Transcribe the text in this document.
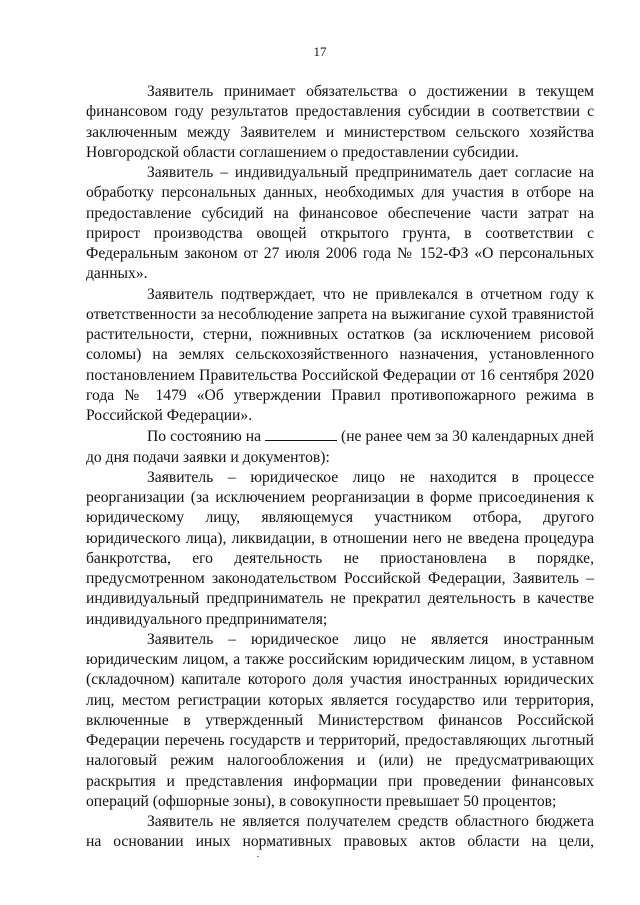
17

Заявитель принимает обязательства о достижении в текущем финансовом году результатов предоставления субсидии в соответствии с заключенным между Заявителем и министерством сельского хозяйства Новгородской области соглашением о предоставлении субсидии.

Заявитель – индивидуальный предприниматель дает согласие на обработку персональных данных, необходимых для участия в отборе на предоставление субсидий на финансовое обеспечение части затрат на прирост производства овощей открытого грунта, в соответствии с Федеральным законом от 27 июля 2006 года № 152-ФЗ «О персональных данных».

Заявитель подтверждает, что не привлекался в отчетном году к ответственности за несоблюдение запрета на выжигание сухой травянистой растительности, стерни, пожнивных остатков (за исключением рисовой соломы) на землях сельскохозяйственного назначения, установленного постановлением Правительства Российской Федерации от 16 сентября 2020 года № 1479 «Об утверждении Правил противопожарного режима в Российской Федерации».

По состоянию на	(не ранее чем за 30 календарных дней до дня подачи заявки и документов):

Заявитель – юридическое лицо не находится в процессе реорганизации (за исключением реорганизации в форме присоединения к юридическому лицу, являющемуся участником отбора, другого юридического лица), ликвидации, в отношении него не введена процедура банкротства, его деятельность не приостановлена в порядке, предусмотренном законодательством Российской Федерации, Заявитель – индивидуальный предприниматель не прекратил деятельность в качестве индивидуального предпринимателя;

Заявитель – юридическое лицо не является иностранным юридическим лицом, а также российским юридическим лицом, в уставном (складочном) капитале которого доля участия иностранных юридических лиц, местом регистрации которых является государство или территория, включенные в утвержденный Министерством финансов Российской Федерации перечень государств и территорий, предоставляющих льготный налоговый режим налогообложения и (или) не предусматривающих раскрытия и представления информации при проведении финансовых операций (офшорные зоны), в совокупности превышает 50 процентов;

Заявитель не является получателем средств областного бюджета на основании иных нормативных правовых актов области на цели,
